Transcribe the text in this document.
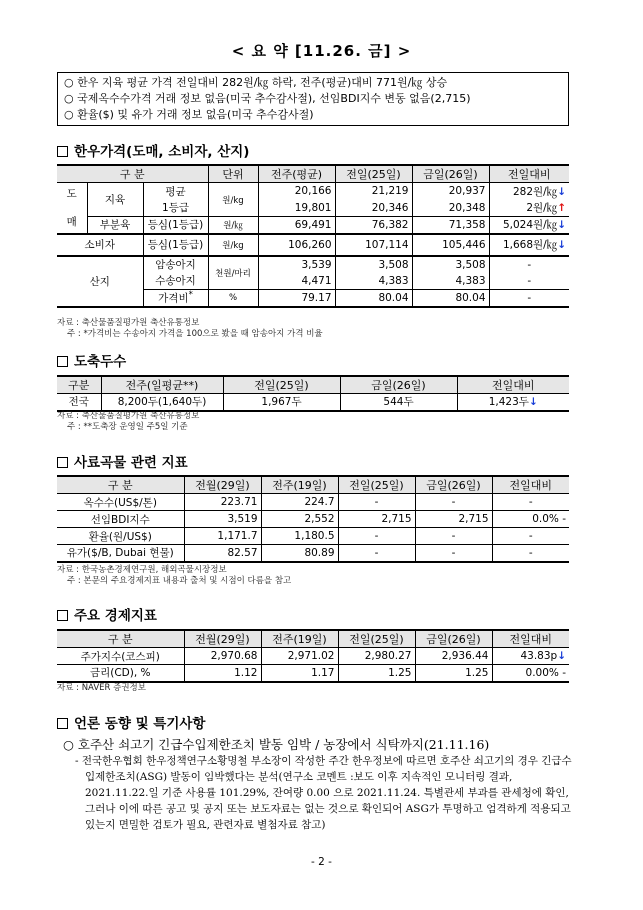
< 요 약 [11.26. 금] >
○ 한우 지육 평균 가격 전일대비 282원/㎏ 하락, 전주(평균)대비 771원/㎏ 상승
○ 국제옥수수가격 거래 정보 없음(미국 추수감사절), 선임BDI지수 변동 없음(2,715)
○ 환율($) 및 유가 거래 정보 없음(미국 추수감사절)
한우가격(도매, 소비자, 산지)
구 분			단위	전주(평균)	전일(25일)	금일(26일)	전일대비
도

매	지육	평균	원/kg	20,166	21,219	20,937	282원/㎏↓
		1등급		19,801	20,346	20,348	2원/㎏↑
	부분육	등심(1등급)	원/㎏	69,491	76,382	71,358	5,024원/㎏↓
소비자		등심(1등급)	원/kg	106,260	107,114	105,446	1,668원/㎏↓
산지		암송아지	천원/마리	3,539	3,508	3,508	-
		수송아지		4,471	4,383	4,383	-
		가격비*	%	79.17	80.04	80.04	-
자료 : 축산물품질평가원 축산유통정보
주 : *가격비는 수송아지 가격을 100으로 봤을 때 암송아지 가격 비율
도축두수
구분	전주(일평균**)	전일(25일)	금일(26일)	전일대비
전국	8,200두(1,640두)	1,967두	544두	1,423두↓
자료 : 축산물품질평가원 축산유통정보
주 : **도축장 운영일 주5일 기준
사료곡물 관련 지표
구 분	전월(29일)	전주(19일)	전일(25일)	금일(26일)	전일대비
옥수수(US$/톤)	223.71	224.7	-	-	-
선임BDI지수	3,519	2,552	2,715	2,715	0.0% -
환율(원/US$)	1,171.7	1,180.5	-	-	-
유가($/B, Dubai 현물)	82.57	80.89	-	-	-
자료 : 한국농촌경제연구원, 해외곡물시장정보
주 : 본문의 주요경제지표 내용과 출처 및 시점이 다름을 참고
주요 경제지표
구 분	전월(29일)	전주(19일)	전일(25일)	금일(26일)	전일대비
주가지수(코스피)	2,970.68	2,971.02	2,980.27	2,936.44	43.83p↓
금리(CD), %	1.12	1.17	1.25	1.25	0.00% -
자료 : NAVER 증권정보
언론 동향 및 특기사항
○ 호주산 쇠고기 긴급수입제한조치 발동 임박 / 농장에서 식탁까지(21.11.16)
- 전국한우협회 한우정책연구소황명철 부소장이 작성한 주간 한우정보에 따르면 호주산 쇠고기의 경우 긴급수입제한조치(ASG) 발동이 임박했다는 분석(연구소 코멘트 :보도 이후 지속적인 모니터링 결과, 2021.11.22.일 기준 사용률 101.29%, 잔여량 0.00 으로 2021.11.24. 특별관세 부과를 관세청에 확인, 그러나 이에 따른 공고 및 공지 또는 보도자료는 없는 것으로 확인되어 ASG가 투명하고 엄격하게 적용되고 있는지 면밀한 검토가 필요, 관련자료 별첨자료 참고)
- 2 -
